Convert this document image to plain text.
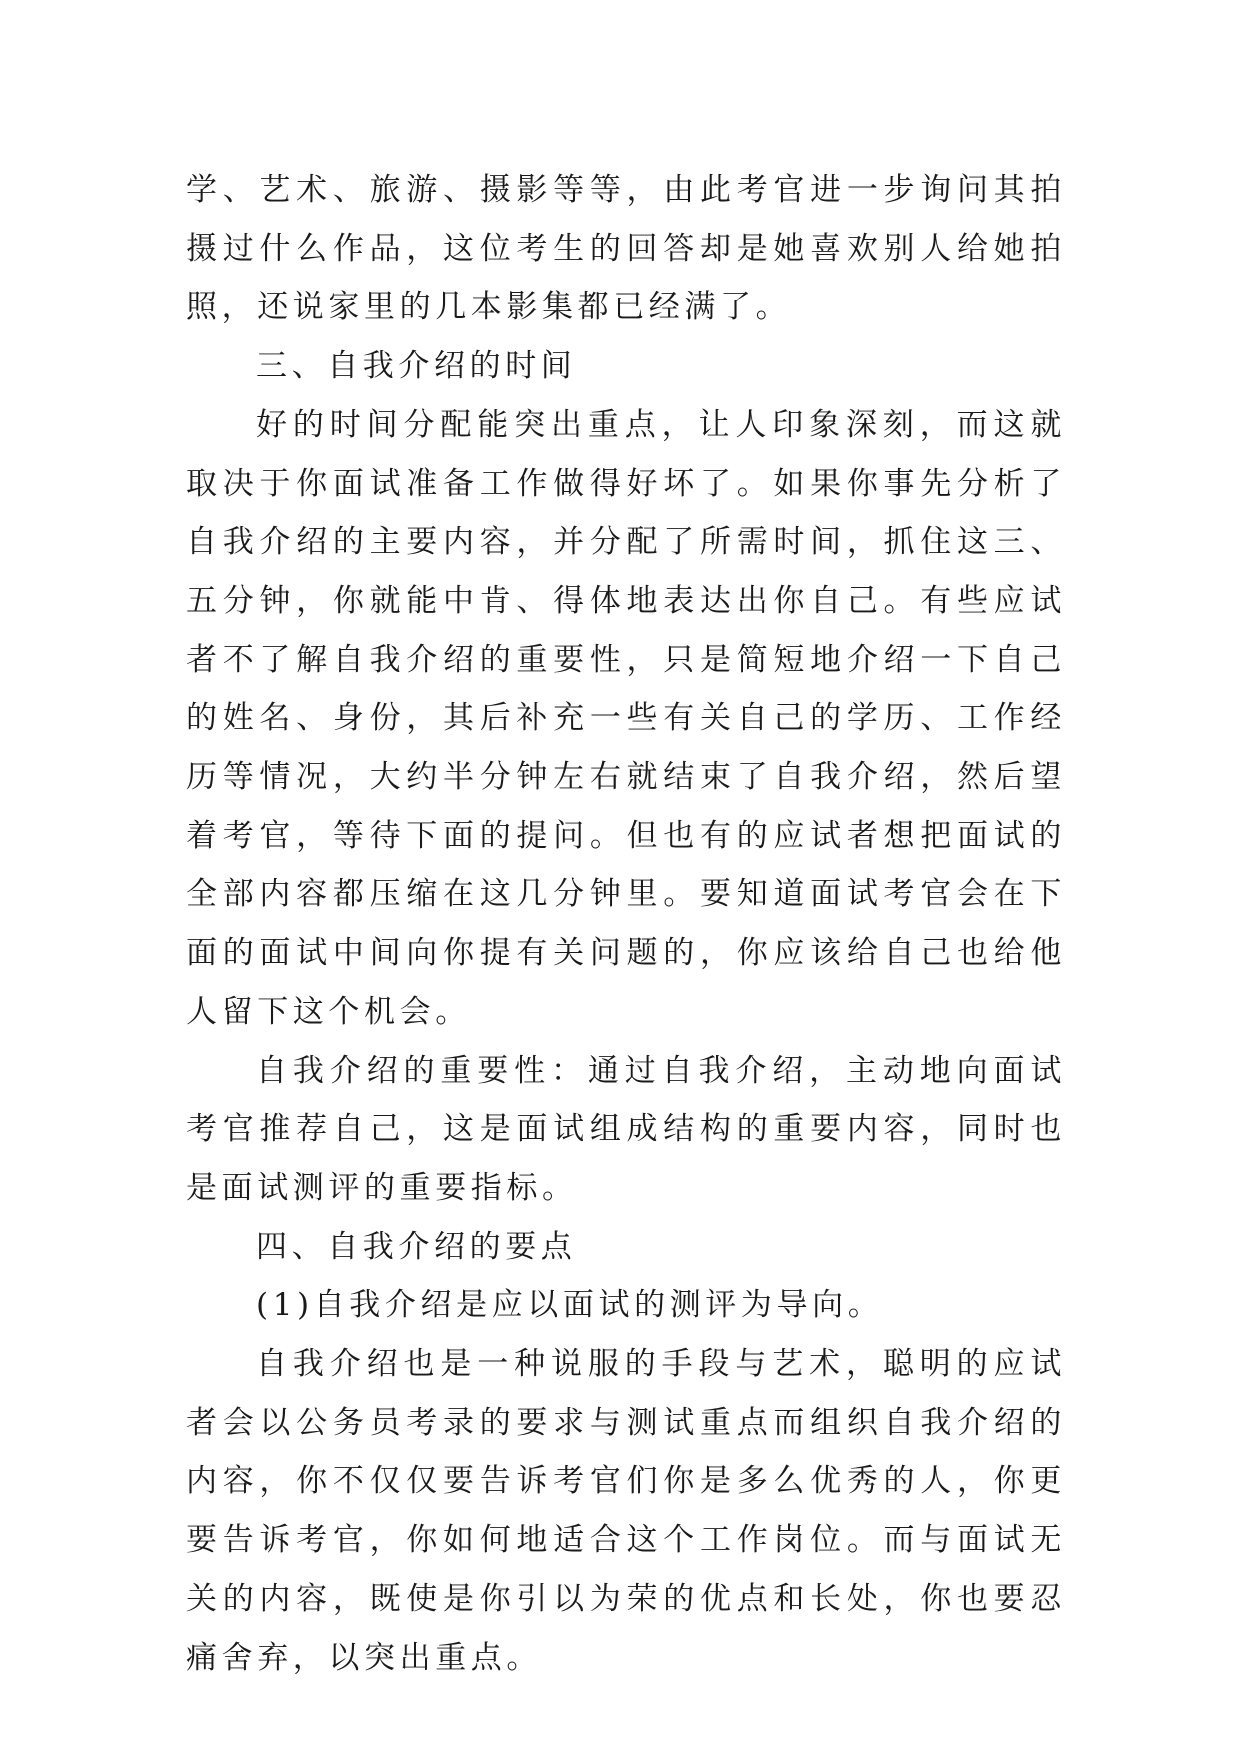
学、艺术、旅游、摄影等等，由此考官进一步询问其拍摄过什么作品，这位考生的回答却是她喜欢别人给她拍照，还说家里的几本影集都已经满了。

三、自我介绍的时间

好的时间分配能突出重点，让人印象深刻，而这就取决于你面试准备工作做得好坏了。如果你事先分析了自我介绍的主要内容，并分配了所需时间，抓住这三、五分钟，你就能中肯、得体地表达出你自己。有些应试者不了解自我介绍的重要性，只是简短地介绍一下自己的姓名、身份，其后补充一些有关自己的学历、工作经历等情况，大约半分钟左右就结束了自我介绍，然后望着考官，等待下面的提问。但也有的应试者想把面试的全部内容都压缩在这几分钟里。要知道面试考官会在下面的面试中间向你提有关问题的，你应该给自己也给他人留下这个机会。

自我介绍的重要性：通过自我介绍，主动地向面试考官推荐自己，这是面试组成结构的重要内容，同时也是面试测评的重要指标。

四、自我介绍的要点

(1)自我介绍是应以面试的测评为导向。

自我介绍也是一种说服的手段与艺术，聪明的应试者会以公务员考录的要求与测试重点而组织自我介绍的内容，你不仅仅要告诉考官们你是多么优秀的人，你更要告诉考官，你如何地适合这个工作岗位。而与面试无关的内容，既使是你引以为荣的优点和长处，你也要忍痛舍弃，以突出重点。
